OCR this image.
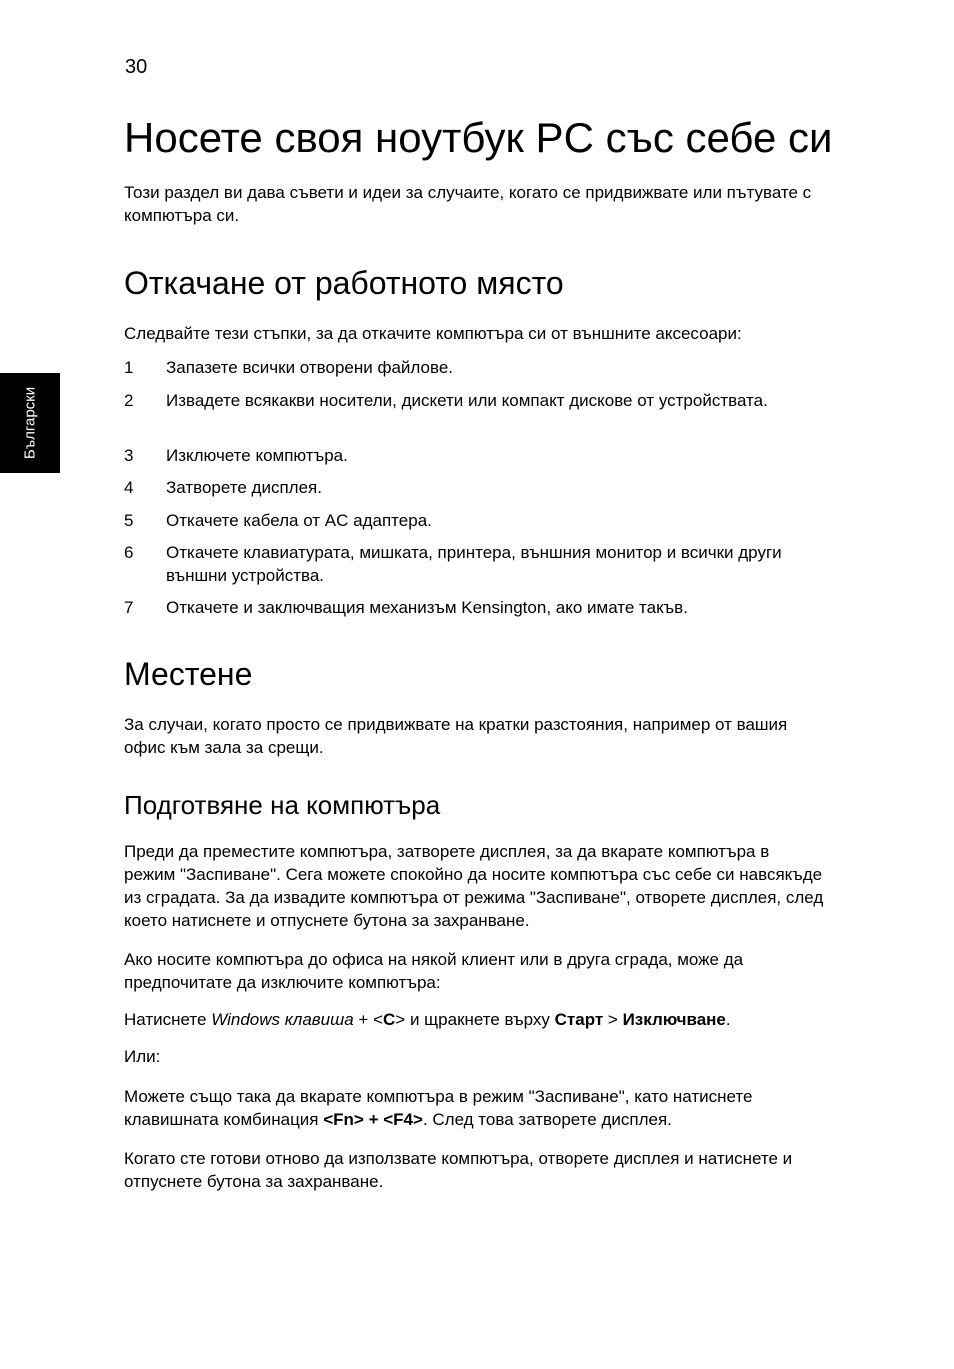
30
Български
Носете своя ноутбук PC със себе си

Този раздел ви дава съвети и идеи за случаите, когато се придвижвате или пътувате с компютъра си.

Откачане от работното място

Следвайте тези стъпки, за да откачите компютъра си от външните аксесоари:

1 Запазете всички отворени файлове.
2 Извадете всякакви носители, дискети или компакт дискове от устройствата.
3 Изключете компютъра.
4 Затворете дисплея.
5 Откачете кабела от AC адаптера.
6 Откачете клавиатурата, мишката, принтера, външния монитор и всички други външни устройства.
7 Откачете и заключващия механизъм Kensington, ако имате такъв.
Местене

За случаи, когато просто се придвижвате на кратки разстояния, например от вашия офис към зала за срещи.

Подготвяне на компютъра

Преди да преместите компютъра, затворете дисплея, за да вкарате компютъра в режим "Заспиване". Сега можете спокойно да носите компютъра със себе си навсякъде из сградата. За да извадите компютъра от режима "Заспиване", отворете дисплея, след което натиснете и отпуснете бутона за захранване.

Ако носите компютъра до офиса на някой клиент или в друга сграда, може да предпочитате да изключите компютъра:

Натиснете Windows клавиша + <C> и щракнете върху Старт > Изключване.

Или:

Можете също така да вкарате компютъра в режим "Заспиване", като натиснете клавишната комбинация <Fn> + <F4>. След това затворете дисплея.

Когато сте готови отново да използвате компютъра, отворете дисплея и натиснете и отпуснете бутона за захранване.
